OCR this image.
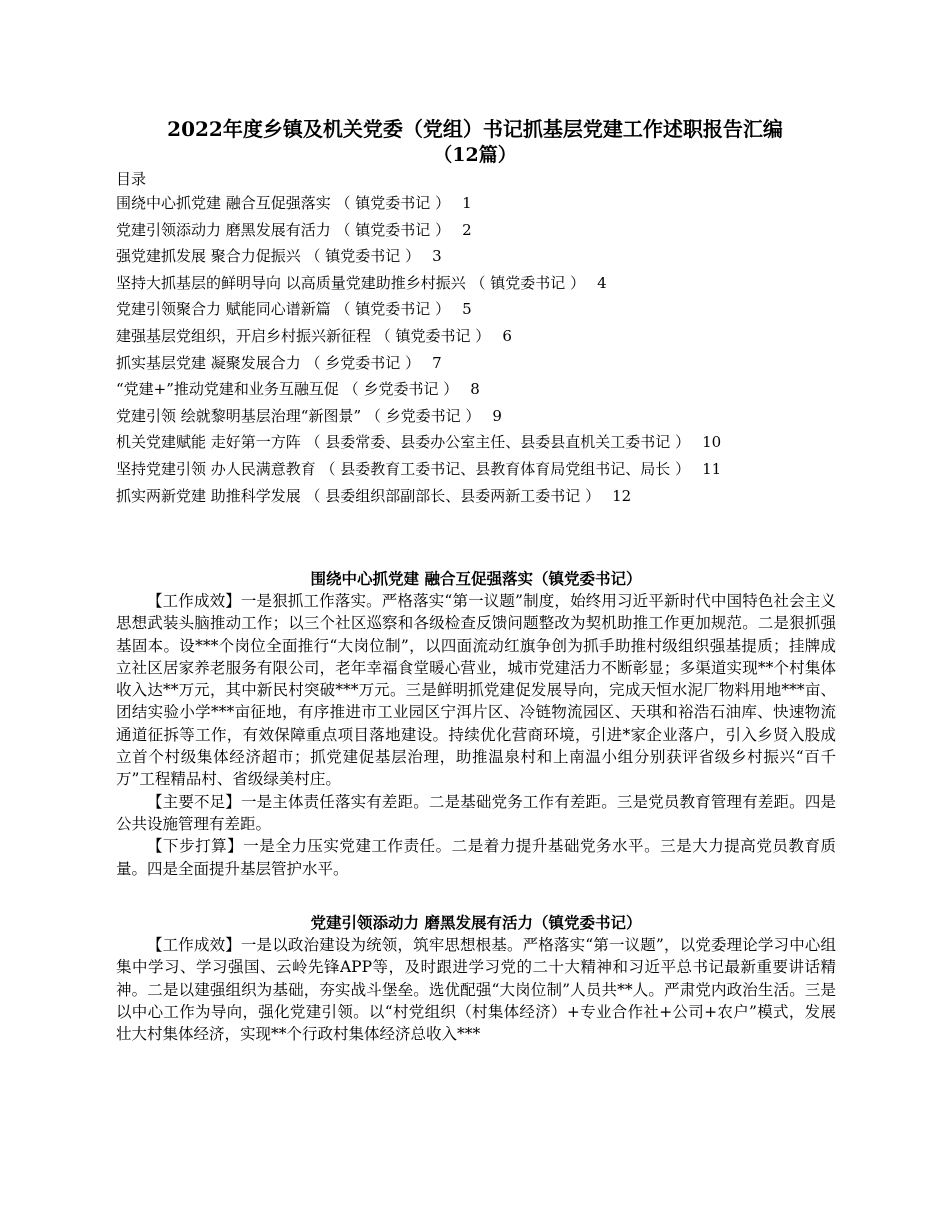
2022年度乡镇及机关党委（党组）书记抓基层党建工作述职报告汇编
（12篇）
目录
围绕中心抓党建 融合互促强落实 （ 镇党委书记 ） 1
党建引领添动力 磨黑发展有活力 （ 镇党委书记 ） 2
强党建抓发展 聚合力促振兴 （ 镇党委书记 ） 3
坚持大抓基层的鲜明导向 以高质量党建助推乡村振兴 （ 镇党委书记 ） 4
党建引领聚合力 赋能同心谱新篇 （ 镇党委书记 ） 5
建强基层党组织，开启乡村振兴新征程 （ 镇党委书记 ） 6
抓实基层党建 凝聚发展合力 （ 乡党委书记 ） 7
“党建+”推动党建和业务互融互促 （ 乡党委书记 ） 8
党建引领 绘就黎明基层治理“新图景” （ 乡党委书记 ） 9
机关党建赋能 走好第一方阵 （ 县委常委、县委办公室主任、县委县直机关工委书记 ） 10
坚持党建引领 办人民满意教育 （ 县委教育工委书记、县教育体育局党组书记、局长 ） 11
抓实两新党建 助推科学发展 （ 县委组织部副部长、县委两新工委书记 ） 12
围绕中心抓党建 融合互促强落实（镇党委书记）

【工作成效】一是狠抓工作落实。严格落实“第一议题”制度，始终用习近平新时代中国特色社会主义思想武装头脑推动工作；以三个社区巡察和各级检查反馈问题整改为契机助推工作更加规范。二是狠抓强基固本。设***个岗位全面推行“大岗位制”，以四面流动红旗争创为抓手助推村级组织强基提质；挂牌成立社区居家养老服务有限公司，老年幸福食堂暖心营业，城市党建活力不断彰显；多渠道实现**个村集体收入达**万元，其中新民村突破***万元。三是鲜明抓党建促发展导向，完成天恒水泥厂物料用地***亩、团结实验小学***亩征地，有序推进市工业园区宁洱片区、冷链物流园区、天琪和裕浩石油库、快速物流通道征拆等工作，有效保障重点项目落地建设。持续优化营商环境，引进*家企业落户，引入乡贤入股成立首个村级集体经济超市；抓党建促基层治理，助推温泉村和上南温小组分别获评省级乡村振兴“百千万”工程精品村、省级绿美村庄。

【主要不足】一是主体责任落实有差距。二是基础党务工作有差距。三是党员教育管理有差距。四是公共设施管理有差距。

【下步打算】一是全力压实党建工作责任。二是着力提升基础党务水平。三是大力提高党员教育质量。四是全面提升基层管护水平。

党建引领添动力 磨黑发展有活力（镇党委书记）

【工作成效】一是以政治建设为统领，筑牢思想根基。严格落实“第一议题”，以党委理论学习中心组集中学习、学习强国、云岭先锋APP等，及时跟进学习党的二十大精神和习近平总书记最新重要讲话精神。二是以建强组织为基础，夯实战斗堡垒。选优配强“大岗位制”人员共**人。严肃党内政治生活。三是以中心工作为导向，强化党建引领。以“村党组织（村集体经济）+专业合作社+公司+农户”模式，发展壮大村集体经济，实现**个行政村集体经济总收入***
